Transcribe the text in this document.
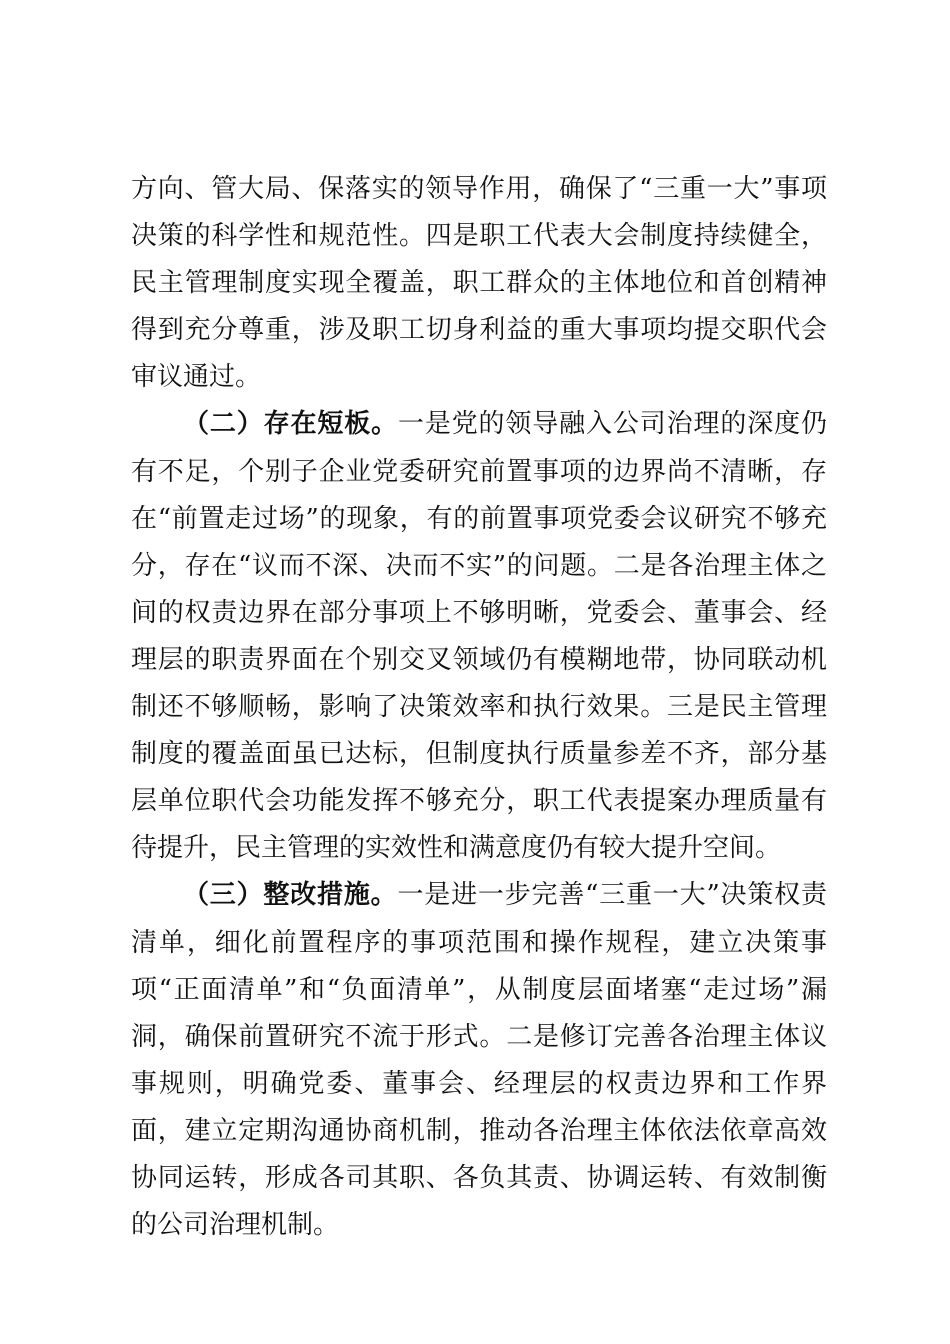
方向、管大局、保落实的领导作用，确保了“三重一大”事项决策的科学性和规范性。四是职工代表大会制度持续健全，民主管理制度实现全覆盖，职工群众的主体地位和首创精神得到充分尊重，涉及职工切身利益的重大事项均提交职代会审议通过。

（二）存在短板。一是党的领导融入公司治理的深度仍有不足，个别子企业党委研究前置事项的边界尚不清晰，存在“前置走过场”的现象，有的前置事项党委会议研究不够充分，存在“议而不深、决而不实”的问题。二是各治理主体之间的权责边界在部分事项上不够明晰，党委会、董事会、经理层的职责界面在个别交叉领域仍有模糊地带，协同联动机制还不够顺畅，影响了决策效率和执行效果。三是民主管理制度的覆盖面虽已达标，但制度执行质量参差不齐，部分基层单位职代会功能发挥不够充分，职工代表提案办理质量有待提升，民主管理的实效性和满意度仍有较大提升空间。

（三）整改措施。一是进一步完善“三重一大”决策权责清单，细化前置程序的事项范围和操作规程，建立决策事项“正面清单”和“负面清单”，从制度层面堵塞“走过场”漏洞，确保前置研究不流于形式。二是修订完善各治理主体议事规则，明确党委、董事会、经理层的权责边界和工作界面，建立定期沟通协商机制，推动各治理主体依法依章高效协同运转，形成各司其职、各负其责、协调运转、有效制衡的公司治理机制。
